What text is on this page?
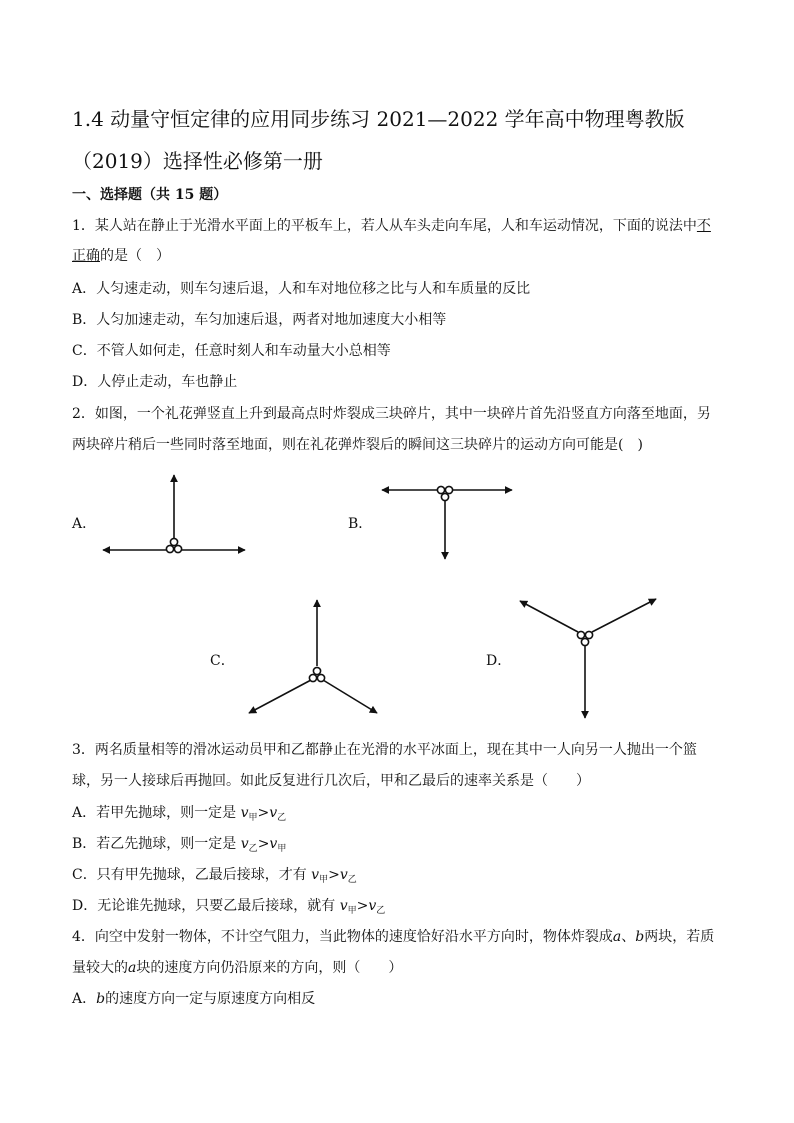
1.4 动量守恒定律的应用同步练习 2021—2022 学年高中物理粤教版
（2019）选择性必修第一册
一、选择题（共 15 题）
1．某人站在静止于光滑水平面上的平板车上，若人从车头走向车尾，人和车运动情况，下面的说法中不
正确的是（　）
A．人匀速走动，则车匀速后退，人和车对地位移之比与人和车质量的反比
B．人匀加速走动，车匀加速后退，两者对地加速度大小相等
C．不管人如何走，任意时刻人和车动量大小总相等
D．人停止走动，车也静止
2．如图，一个礼花弹竖直上升到最高点时炸裂成三块碎片，其中一块碎片首先沿竖直方向落至地面，另
两块碎片稍后一些同时落至地面，则在礼花弹炸裂后的瞬间这三块碎片的运动方向可能是(　)
A．	B．
C．	D．
3．两名质量相等的滑冰运动员甲和乙都静止在光滑的水平冰面上，现在其中一人向另一人抛出一个篮
球，另一人接球后再抛回。如此反复进行几次后，甲和乙最后的速率关系是（　　）
A．若甲先抛球，则一定是 $v_甲>v_乙$
B．若乙先抛球，则一定是 $v_乙>v_甲$
C．只有甲先抛球，乙最后接球，才有 $v_甲>v_乙$
D．无论谁先抛球，只要乙最后接球，就有 $v_甲>v_乙$
4．向空中发射一物体，不计空气阻力，当此物体的速度恰好沿水平方向时，物体炸裂成a、b两块，若质
量较大的a块的速度方向仍沿原来的方向，则（　　）
A．b的速度方向一定与原速度方向相反
